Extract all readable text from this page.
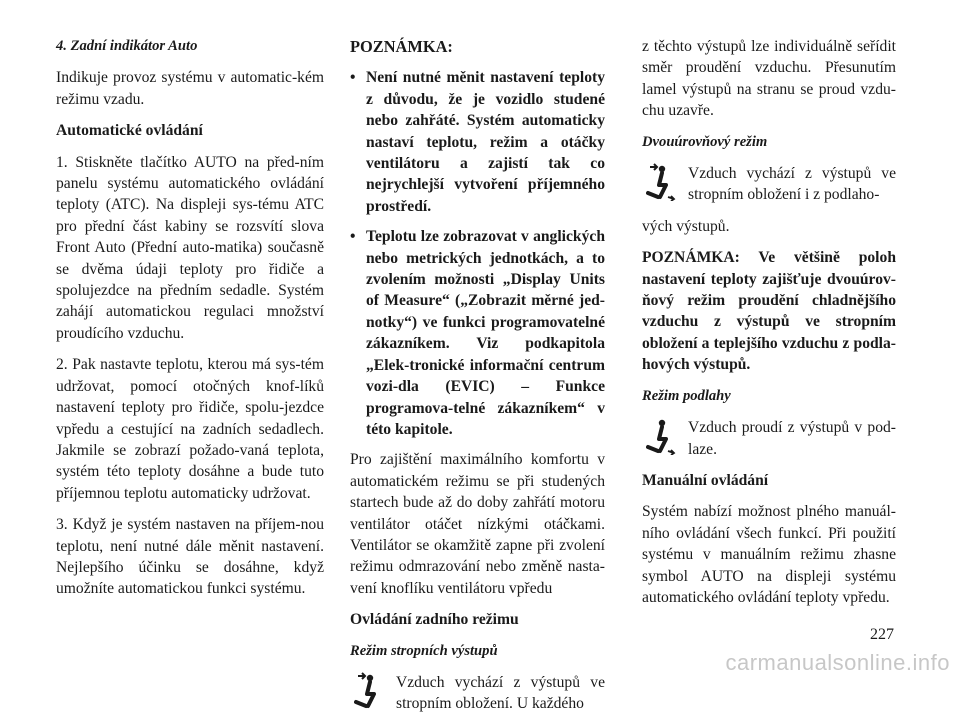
4. Zadní indikátor Auto

Indikuje provoz systému v automatic-kém režimu vzadu.

Automatické ovládání

1. Stiskněte tlačítko AUTO na před-ním panelu systému automatického ovládání teploty (ATC). Na displeji sys-tému ATC pro přední část kabiny se rozsvítí slova Front Auto (Přední auto-matika) současně se dvěma údaji teploty pro řidiče a spolujezdce na předním sedadle. Systém zahájí automatickou regulaci množství proudícího vzduchu.

2. Pak nastavte teplotu, kterou má sys-tém udržovat, pomocí otočných knof-líků nastavení teploty pro řidiče, spolu-jezdce vpředu a cestující na zadních sedadlech. Jakmile se zobrazí požado-vaná teplota, systém této teploty dosáhne a bude tuto příjemnou teplotu automaticky udržovat.

3. Když je systém nastaven na příjem-nou teplotu, není nutné dále měnit nastavení. Nejlepšího účinku se dosáhne, když umožníte automatickou funkci systému.

POZNÁMKA:

• Není nutné měnit nastavení teploty z důvodu, že je vozidlo studené nebo zahřáté. Systém automaticky nastaví teplotu, režim a otáčky ventilátoru a zajistí tak co nejrychlejší vytvoření příjemného prostředí.
• Teplotu lze zobrazovat v anglických nebo metrických jednotkách, a to zvolením možnosti „Display Units of Measure“ („Zobrazit měrné jed-notky“) ve funkci programovatelné zákazníkem. Viz podkapitola „Elek-tronické informační centrum vozi-dla (EVIC) – Funkce programova-telné zákazníkem“ v této kapitole.

Pro zajištění maximálního komfortu v automatickém režimu se při studených startech bude až do doby zahřátí motoru ventilátor otáčet nízkými otáčkami. Ventilátor se okamžitě zapne při zvolení režimu odmrazování nebo změně nasta-vení knoflíku ventilátoru vpředu

Ovládání zadního režimu

Režim stropních výstupů

Vzduch vychází z výstupů ve stropním obložení. U každého

z těchto výstupů lze individuálně seřídit směr proudění vzduchu. Přesunutím lamel výstupů na stranu se proud vzdu-chu uzavře.

Dvouúrovňový režim

Vzduch vychází z výstupů ve stropním obložení i z podlaho-

vých výstupů.

POZNÁMKA: Ve většině poloh nastavení teploty zajišťuje dvouúrov-ňový režim proudění chladnějšího vzduchu z výstupů ve stropním obložení a teplejšího vzduchu z podla-hových výstupů.

Režim podlahy

Vzduch proudí z výstupů v pod-laze.

Manuální ovládání

Systém nabízí možnost plného manuál-ního ovládání všech funkcí. Při použití systému v manuálním režimu zhasne symbol AUTO na displeji systému automatického ovládání teploty vpředu.

227
carmanualsonline.info
